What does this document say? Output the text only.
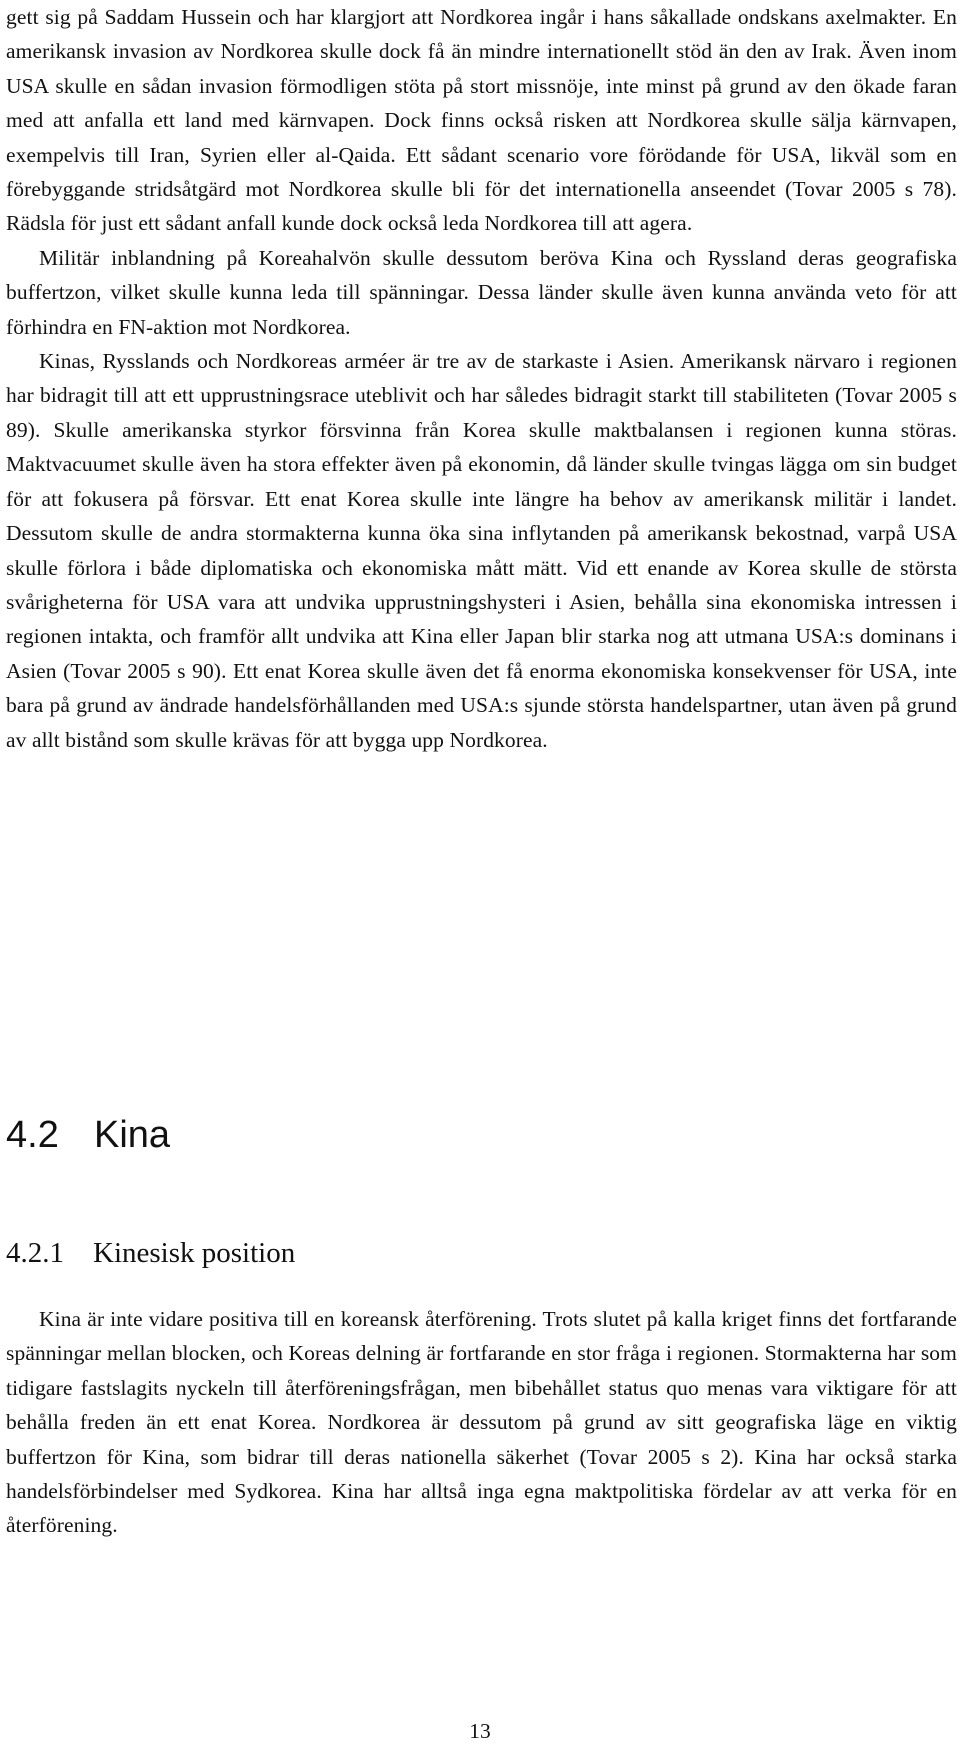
gett sig på Saddam Hussein och har klargjort att Nordkorea ingår i hans såkallade ondskans axelmakter. En amerikansk invasion av Nordkorea skulle dock få än mindre internationellt stöd än den av Irak. Även inom USA skulle en sådan invasion förmodligen stöta på stort missnöje, inte minst på grund av den ökade faran med att anfalla ett land med kärnvapen. Dock finns också risken att Nordkorea skulle sälja kärnvapen, exempelvis till Iran, Syrien eller al-Qaida. Ett sådant scenario vore förödande för USA, likväl som en förebyggande stridsåtgärd mot Nordkorea skulle bli för det internationella anseendet (Tovar 2005 s 78). Rädsla för just ett sådant anfall kunde dock också leda Nordkorea till att agera.

Militär inblandning på Koreahalvön skulle dessutom beröva Kina och Ryssland deras geografiska buffertzon, vilket skulle kunna leda till spänningar. Dessa länder skulle även kunna använda veto för att förhindra en FN-aktion mot Nordkorea.

Kinas, Rysslands och Nordkoreas arméer är tre av de starkaste i Asien. Amerikansk närvaro i regionen har bidragit till att ett upprustningsrace uteblivit och har således bidragit starkt till stabiliteten (Tovar 2005 s 89). Skulle amerikanska styrkor försvinna från Korea skulle maktbalansen i regionen kunna störas. Maktvacuumet skulle även ha stora effekter även på ekonomin, då länder skulle tvingas lägga om sin budget för att fokusera på försvar. Ett enat Korea skulle inte längre ha behov av amerikansk militär i landet. Dessutom skulle de andra stormakterna kunna öka sina inflytanden på amerikansk bekostnad, varpå USA skulle förlora i både diplomatiska och ekonomiska mått mätt. Vid ett enande av Korea skulle de största svårigheterna för USA vara att undvika upprustningshysteri i Asien, behålla sina ekonomiska intressen i regionen intakta, och framför allt undvika att Kina eller Japan blir starka nog att utmana USA:s dominans i Asien (Tovar 2005 s 90). Ett enat Korea skulle även det få enorma ekonomiska konsekvenser för USA, inte bara på grund av ändrade handelsförhållanden med USA:s sjunde största handelspartner, utan även på grund av allt bistånd som skulle krävas för att bygga upp Nordkorea.

4.2 Kina
4.2.1 Kinesisk position

Kina är inte vidare positiva till en koreansk återförening. Trots slutet på kalla kriget finns det fortfarande spänningar mellan blocken, och Koreas delning är fortfarande en stor fråga i regionen. Stormakterna har som tidigare fastslagits nyckeln till återföreningsfrågan, men bibehållet status quo menas vara viktigare för att behålla freden än ett enat Korea. Nordkorea är dessutom på grund av sitt geografiska läge en viktig buffertzon för Kina, som bidrar till deras nationella säkerhet (Tovar 2005 s 2). Kina har också starka handelsförbindelser med Sydkorea. Kina har alltså inga egna maktpolitiska fördelar av att verka för en återförening.

13
